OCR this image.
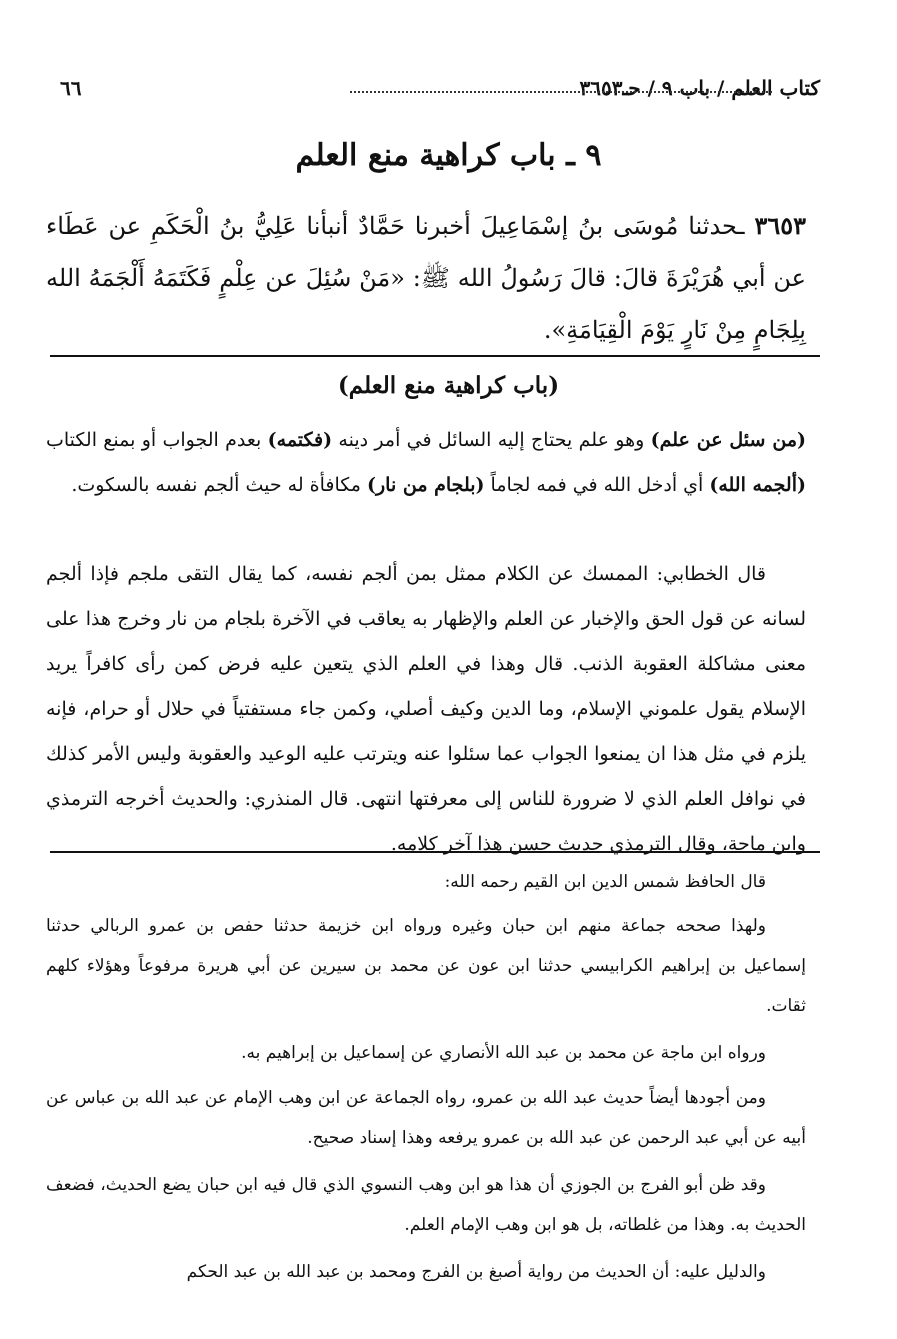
كتاب العلم / باب ٩ / حـ٣٦٥٣
٦٦
٩ ـ باب كراهية منع العلم
٣٦٥٣ ـحدثنا مُوسَى بنُ إسْمَاعِيلَ أخبرنا حَمَّادٌ أنبأنا عَلِيُّ بنُ الْحَكَمِ عن عَطَاء عن أبي هُرَيْرَةَ قالَ: قالَ رَسُولُ الله ﷺ: «مَنْ سُئِلَ عن عِلْمٍ فَكَتَمَهُ أَلْجَمَهُ الله بِلِجَامٍ مِنْ نَارٍ يَوْمَ الْقِيَامَةِ».
(باب كراهية منع العلم)
(من سئل عن علم) وهو علم يحتاج إليه السائل في أمر دينه (فكتمه) بعدم الجواب أو بمنع الكتاب (ألجمه الله) أي أدخل الله في فمه لجاماً (بلجام من نار) مكافأة له حيث ألجم نفسه بالسكوت.
قال الخطابي: الممسك عن الكلام ممثل بمن ألجم نفسه، كما يقال التقى ملجم فإذا ألجم لسانه عن قول الحق والإخبار عن العلم والإظهار به يعاقب في الآخرة بلجام من نار وخرج هذا على معنى مشاكلة العقوبة الذنب. قال وهذا في العلم الذي يتعين عليه فرض كمن رأى كافراً يريد الإسلام يقول علموني الإسلام، وما الدين وكيف أصلي، وكمن جاء مستفتياً في حلال أو حرام، فإنه يلزم في مثل هذا ان يمنعوا الجواب عما سئلوا عنه ويترتب عليه الوعيد والعقوبة وليس الأمر كذلك في نوافل العلم الذي لا ضرورة للناس إلى معرفتها انتهى. قال المنذري: والحديث أخرجه الترمذي وابن ماجة، وقال الترمذي حديث حسن هذا آخر كلامه.
قال الحافظ شمس الدين ابن القيم رحمه الله:
ولهذا صححه جماعة منهم ابن حبان وغيره ورواه ابن خزيمة حدثنا حفص بن عمرو الربالي حدثنا إسماعيل بن إبراهيم الكرابيسي حدثنا ابن عون عن محمد بن سيرين عن أبي هريرة مرفوعاً وهؤلاء كلهم ثقات.
ورواه ابن ماجة عن محمد بن عبد الله الأنصاري عن إسماعيل بن إبراهيم به.
ومن أجودها أيضاً حديث عبد الله بن عمرو، رواه الجماعة عن ابن وهب الإمام عن عبد الله بن عباس عن أبيه عن أبي عبد الرحمن عن عبد الله بن عمرو يرفعه وهذا إسناد صحيح.
وقد ظن أبو الفرج بن الجوزي أن هذا هو ابن وهب النسوي الذي قال فيه ابن حبان يضع الحديث، فضعف الحديث به. وهذا من غلطاته، بل هو ابن وهب الإمام العلم.
والدليل عليه: أن الحديث من رواية أصبغ بن الفرج ومحمد بن عبد الله بن عبد الحكم
